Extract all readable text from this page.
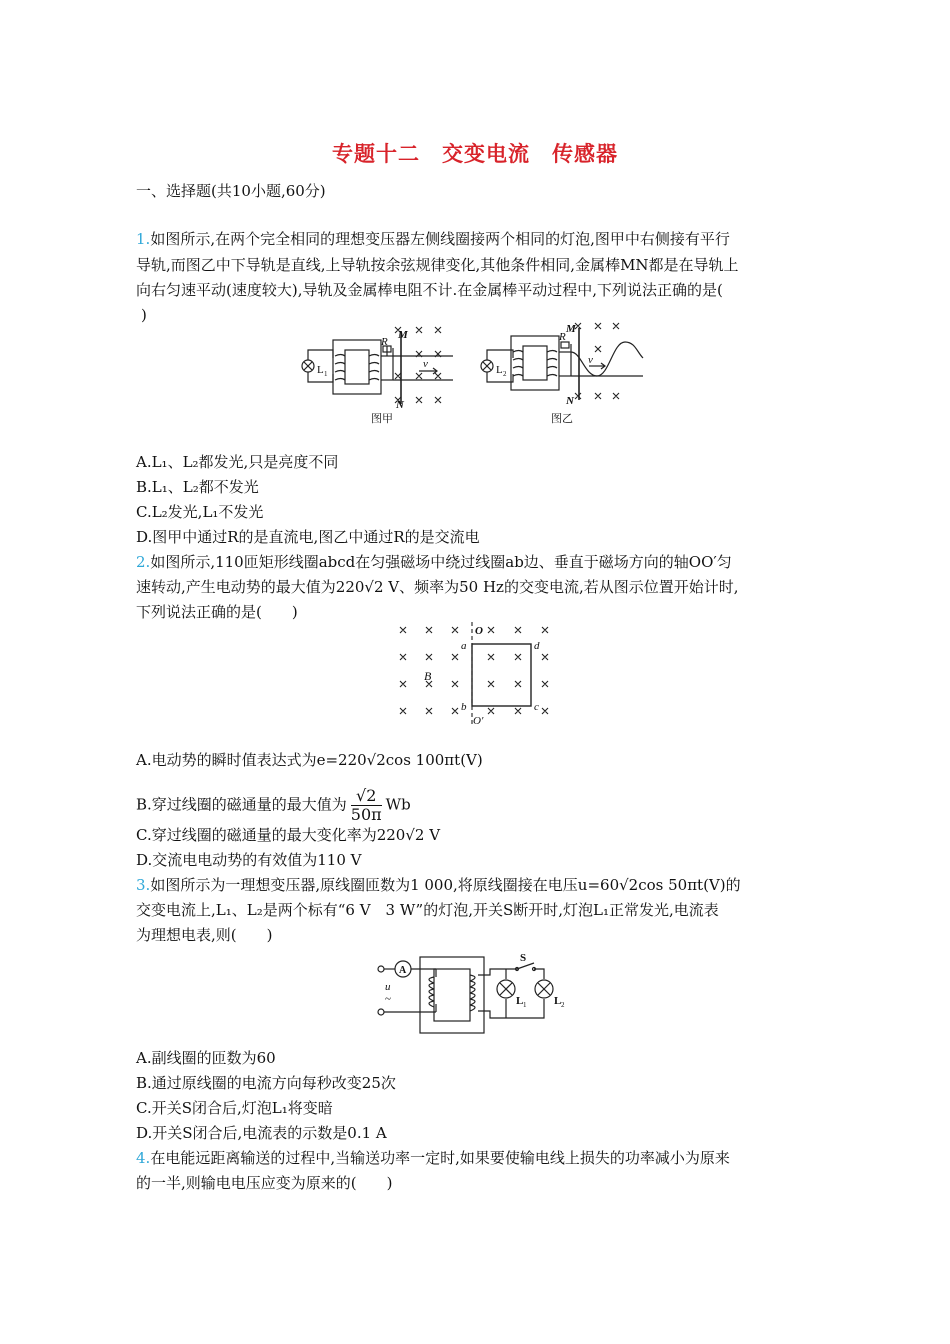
专题十二　交变电流　传感器
一、选择题(共10小题,60分)
1.如图所示,在两个完全相同的理想变压器左侧线圈接两个相同的灯泡,图甲中右侧接有平行
导轨,而图乙中下导轨是直线,上导轨按余弦规律变化,其他条件相同,金属棒MN都是在导轨上
向右匀速平动(速度较大),导轨及金属棒电阻不计.在金属棒平动过程中,下列说法正确的是(
)
L 1
R
M
N
v
图甲
L 2
R
M
N
v
图乙
A.L₁、L₂都发光,只是亮度不同
B.L₁、L₂都不发光
C.L₂发光,L₁不发光
D.图甲中通过R的是直流电,图乙中通过R的是交流电
2.如图所示,110匝矩形线圈abcd在匀强磁场中绕过线圈ab边、垂直于磁场方向的轴OO′匀
速转动,产生电动势的最大值为220√2 V、频率为50 Hz的交变电流,若从图示位置开始计时,
下列说法正确的是(　　)
O
O′
a
b	c
d
B
A.电动势的瞬时值表达式为e=220√2cos 100πt(V)
B.穿过线圈的磁通量的最大值为 $\frac{√2}{50\pi}$ Wb
C.穿过线圈的磁通量的最大变化率为220√2 V
D.交流电电动势的有效值为110 V
3.如图所示为一理想变压器,原线圈匝数为1 000,将原线圈接在电压u=60√2cos 50πt(V)的
交变电流上,L₁、L₂是两个标有“6 V　3 W”的灯泡,开关S断开时,灯泡L₁正常发光,电流表
为理想电表,则(　　)
A
u
~
S
L 1	L 2
A.副线圈的匝数为60
B.通过原线圈的电流方向每秒改变25次
C.开关S闭合后,灯泡L₁将变暗
D.开关S闭合后,电流表的示数是0.1 A
4.在电能远距离输送的过程中,当输送功率一定时,如果要使输电线上损失的功率减小为原来
的一半,则输电电压应变为原来的(　　)
